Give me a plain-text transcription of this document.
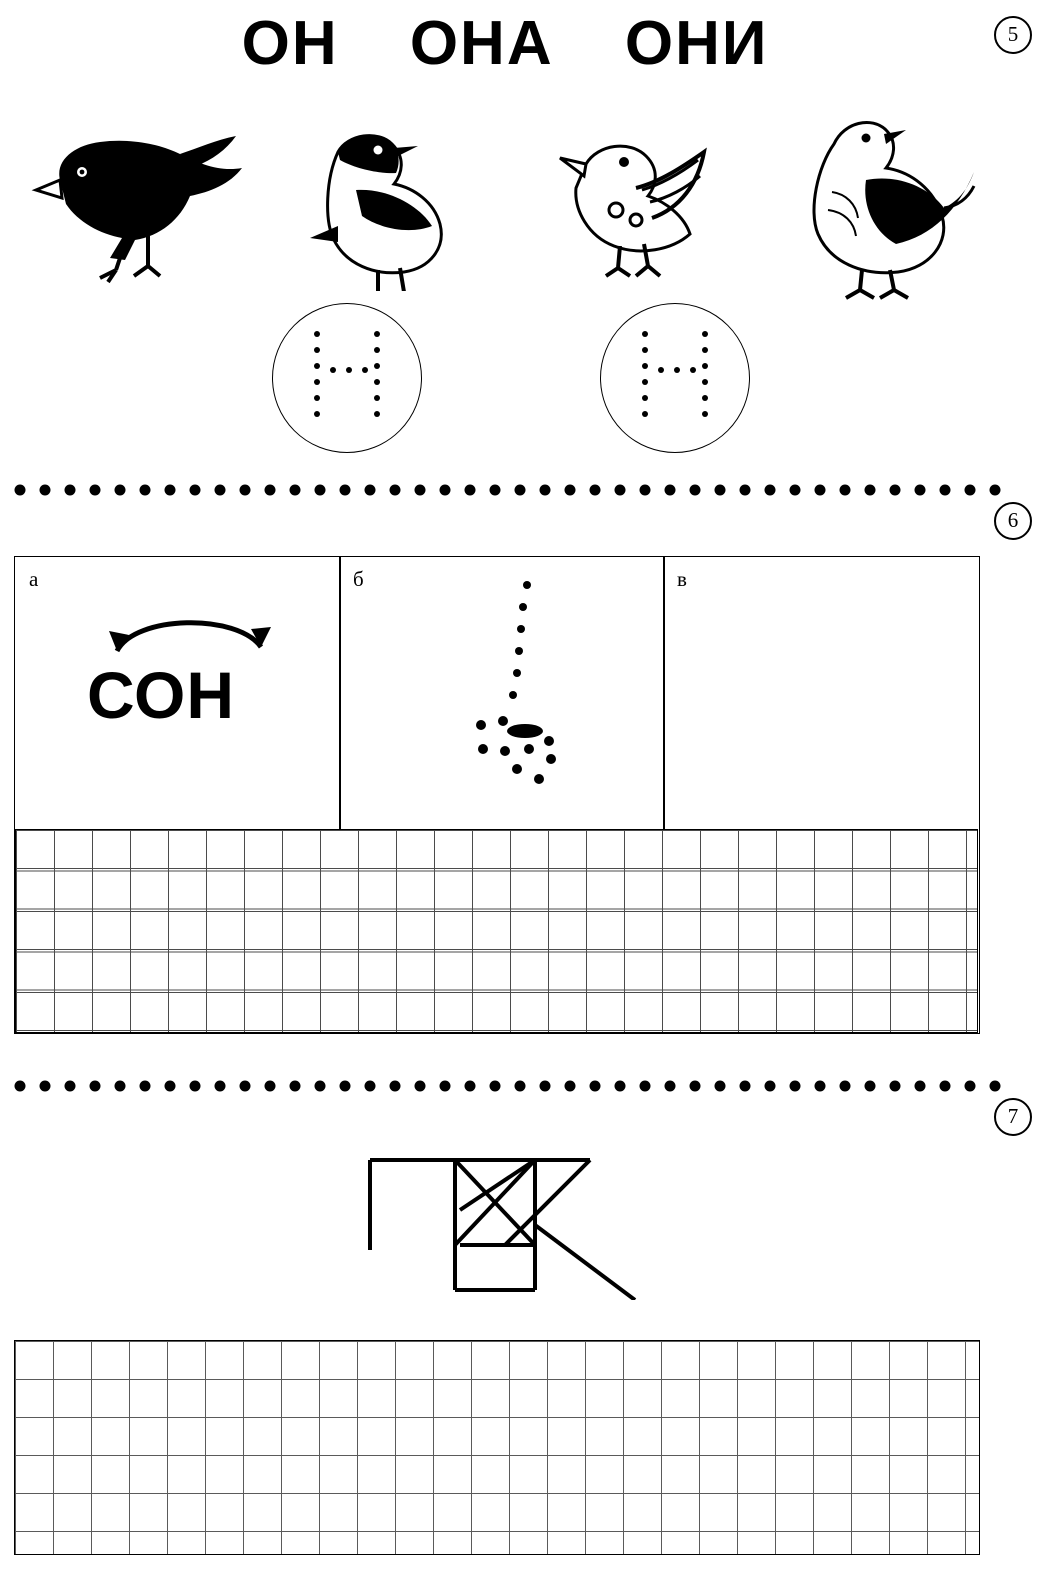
5
ОН ОНА ОНИ
6
а	б	в
СОН
7
